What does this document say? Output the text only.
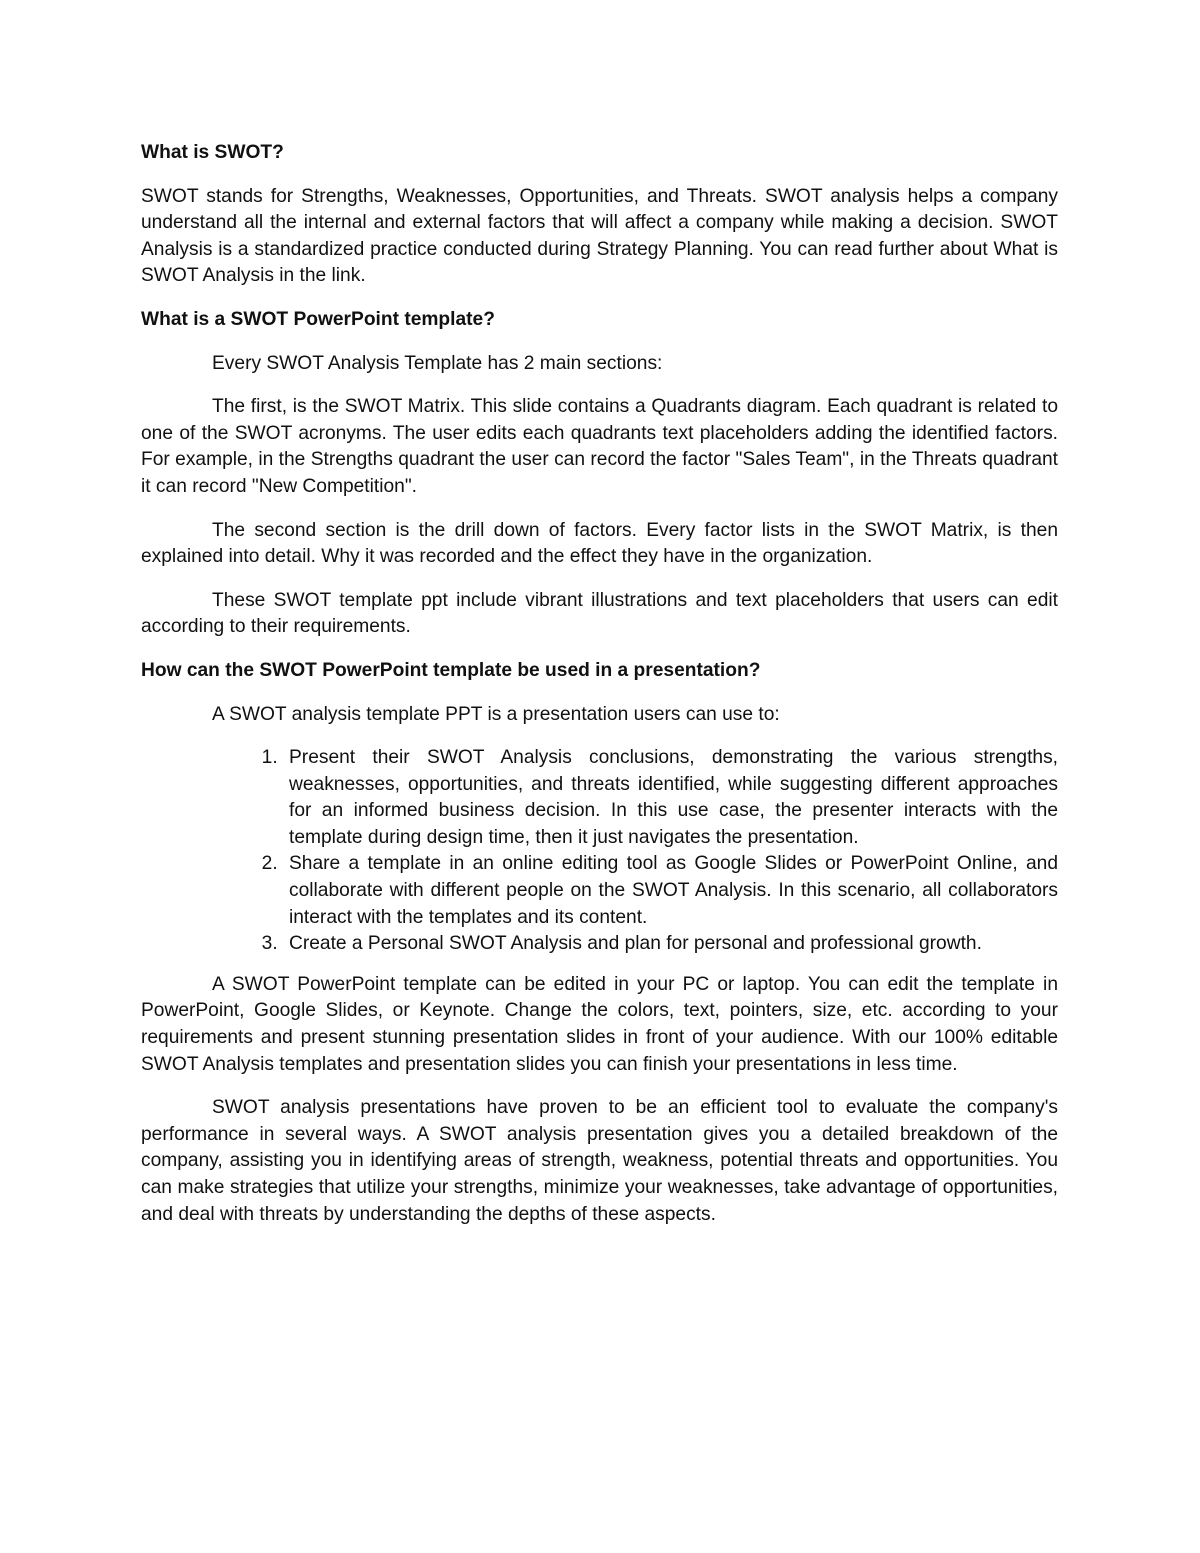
What is SWOT?

SWOT stands for Strengths, Weaknesses, Opportunities, and Threats. SWOT analysis helps a company understand all the internal and external factors that will affect a company while making a decision. SWOT Analysis is a standardized practice conducted during Strategy Planning. You can read further about What is SWOT Analysis in the link.

What is a SWOT PowerPoint template?

Every SWOT Analysis Template has 2 main sections:

The first, is the SWOT Matrix. This slide contains a Quadrants diagram. Each quadrant is related to one of the SWOT acronyms. The user edits each quadrants text placeholders adding the identified factors. For example, in the Strengths quadrant the user can record the factor "Sales Team", in the Threats quadrant it can record "New Competition".

The second section is the drill down of factors. Every factor lists in the SWOT Matrix, is then explained into detail. Why it was recorded and the effect they have in the organization.

These SWOT template ppt include vibrant illustrations and text placeholders that users can edit according to their requirements.

How can the SWOT PowerPoint template be used in a presentation?

A SWOT analysis template PPT is a presentation users can use to:

1. Present their SWOT Analysis conclusions, demonstrating the various strengths, weaknesses, opportunities, and threats identified, while suggesting different approaches for an informed business decision. In this use case, the presenter interacts with the template during design time, then it just navigates the presentation.
2. Share a template in an online editing tool as Google Slides or PowerPoint Online, and collaborate with different people on the SWOT Analysis. In this scenario, all collaborators interact with the templates and its content.
3. Create a Personal SWOT Analysis and plan for personal and professional growth.

A SWOT PowerPoint template can be edited in your PC or laptop. You can edit the template in PowerPoint, Google Slides, or Keynote. Change the colors, text, pointers, size, etc. according to your requirements and present stunning presentation slides in front of your audience. With our 100% editable SWOT Analysis templates and presentation slides you can finish your presentations in less time.

SWOT analysis presentations have proven to be an efficient tool to evaluate the company's performance in several ways. A SWOT analysis presentation gives you a detailed breakdown of the company, assisting you in identifying areas of strength, weakness, potential threats and opportunities. You can make strategies that utilize your strengths, minimize your weaknesses, take advantage of opportunities, and deal with threats by understanding the depths of these aspects.
